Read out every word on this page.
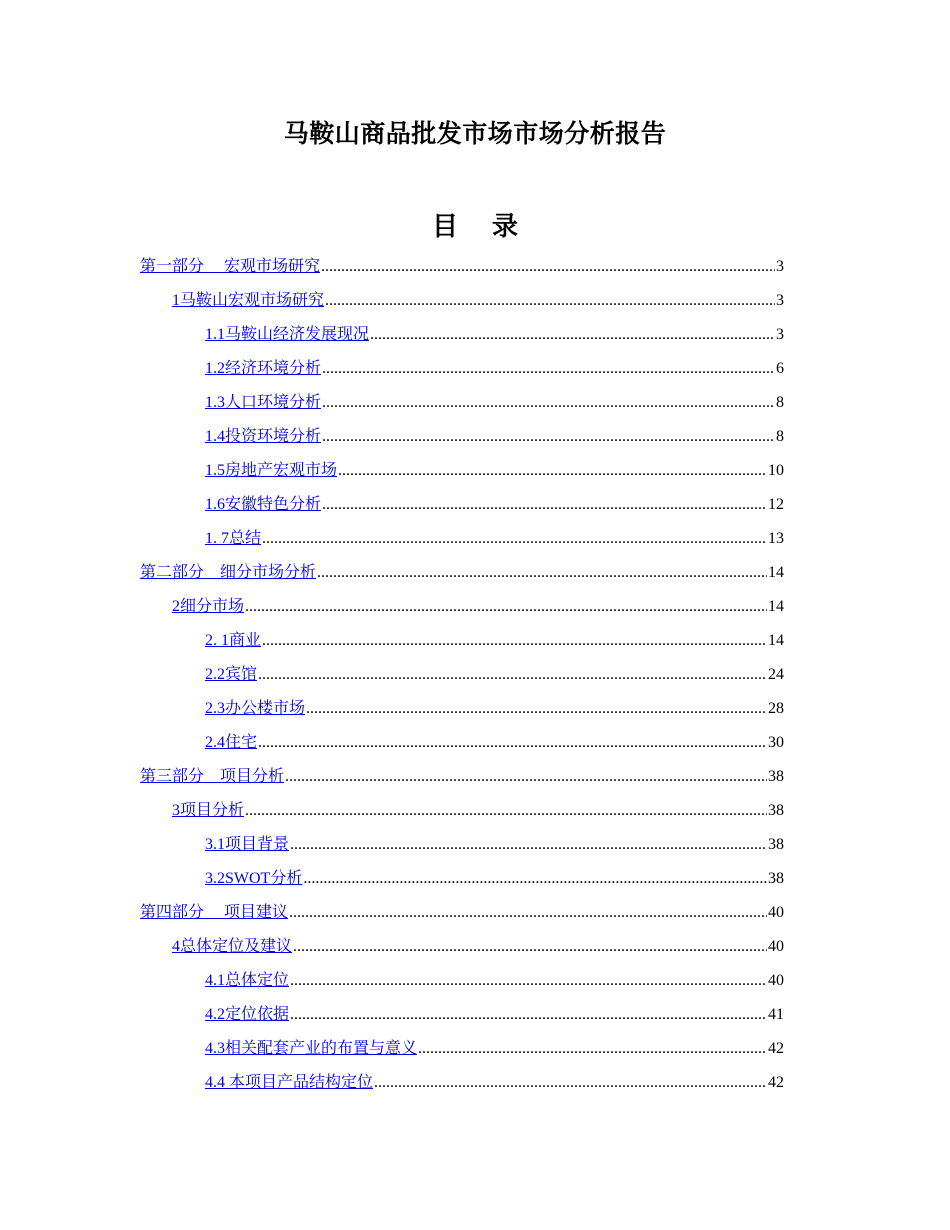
马鞍山商品批发市场市场分析报告
目 录
第一部分　 宏观市场研究 .....	3
1马鞍山宏观市场研究 .....	3
1.1马鞍山经济发展现况 .....	3
1.2经济环境分析 .....	6
1.3人口环境分析 .....	8
1.4投资环境分析 .....	8
1.5房地产宏观市场 .....	10
1.6安徽特色分析 .....	12
1. 7总结 .....	13
第二部分　细分市场分析 .....	14
2细分市场 .....	14
2. 1商业 .....	14
2.2宾馆 .....	24
2.3办公楼市场 .....	28
2.4住宅 .....	30
第三部分　项目分析 .....	38
3项目分析 .....	38
3.1项目背景 .....	38
3.2SWOT分析 .....	38
第四部分　 项目建议 .....	40
4总体定位及建议 .....	40
4.1总体定位 .....	40
4.2定位依据 .....	41
4.3相关配套产业的布置与意义 .....	42
4.4 本项目产品结构定位 .....	42
